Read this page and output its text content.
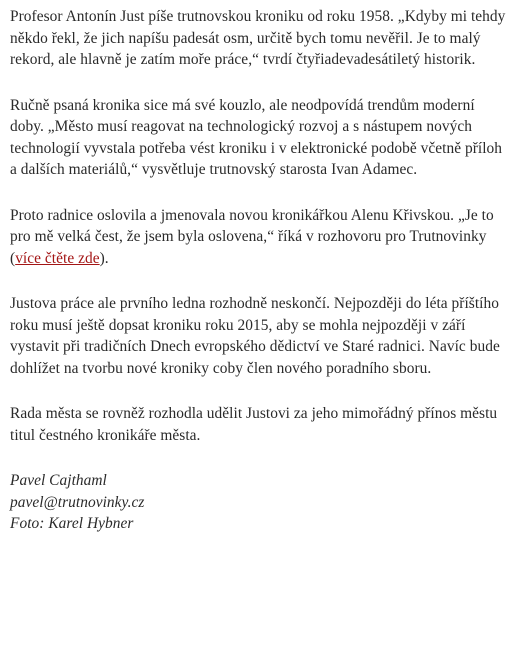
Profesor Antonín Just píše trutnovskou kroniku od roku 1958. „Kdyby mi tehdy někdo řekl, že jich napíšu padesát osm, určitě bych tomu nevěřil. Je to malý rekord, ale hlavně je zatím moře práce,“ tvrdí čtyřiadevadesátiletý historik.

Ručně psaná kronika sice má své kouzlo, ale neodpovídá trendům moderní doby. „Město musí reagovat na technologický rozvoj a s nástupem nových technologií vyvstala potřeba vést kroniku i v elektronické podobě včetně příloh a dalších materiálů,“ vysvětluje trutnovský starosta Ivan Adamec.

Proto radnice oslovila a jmenovala novou kronikářkou Alenu Křivskou. „Je to pro mě velká čest, že jsem byla oslovena,“ říká v rozhovoru pro Trutnovinky (více čtěte zde).

Justova práce ale prvního ledna rozhodně neskončí. Nejpozději do léta příštího roku musí ještě dopsat kroniku roku 2015, aby se mohla nejpozději v září vystavit při tradičních Dnech evropského dědictví ve Staré radnici. Navíc bude dohlížet na tvorbu nové kroniky coby člen nového poradního sboru.

Rada města se rovněž rozhodla udělit Justovi za jeho mimořádný přínos městu titul čestného kronikáře města.

Pavel Cajthaml
pavel@trutnovinky.cz
Foto: Karel Hybner
